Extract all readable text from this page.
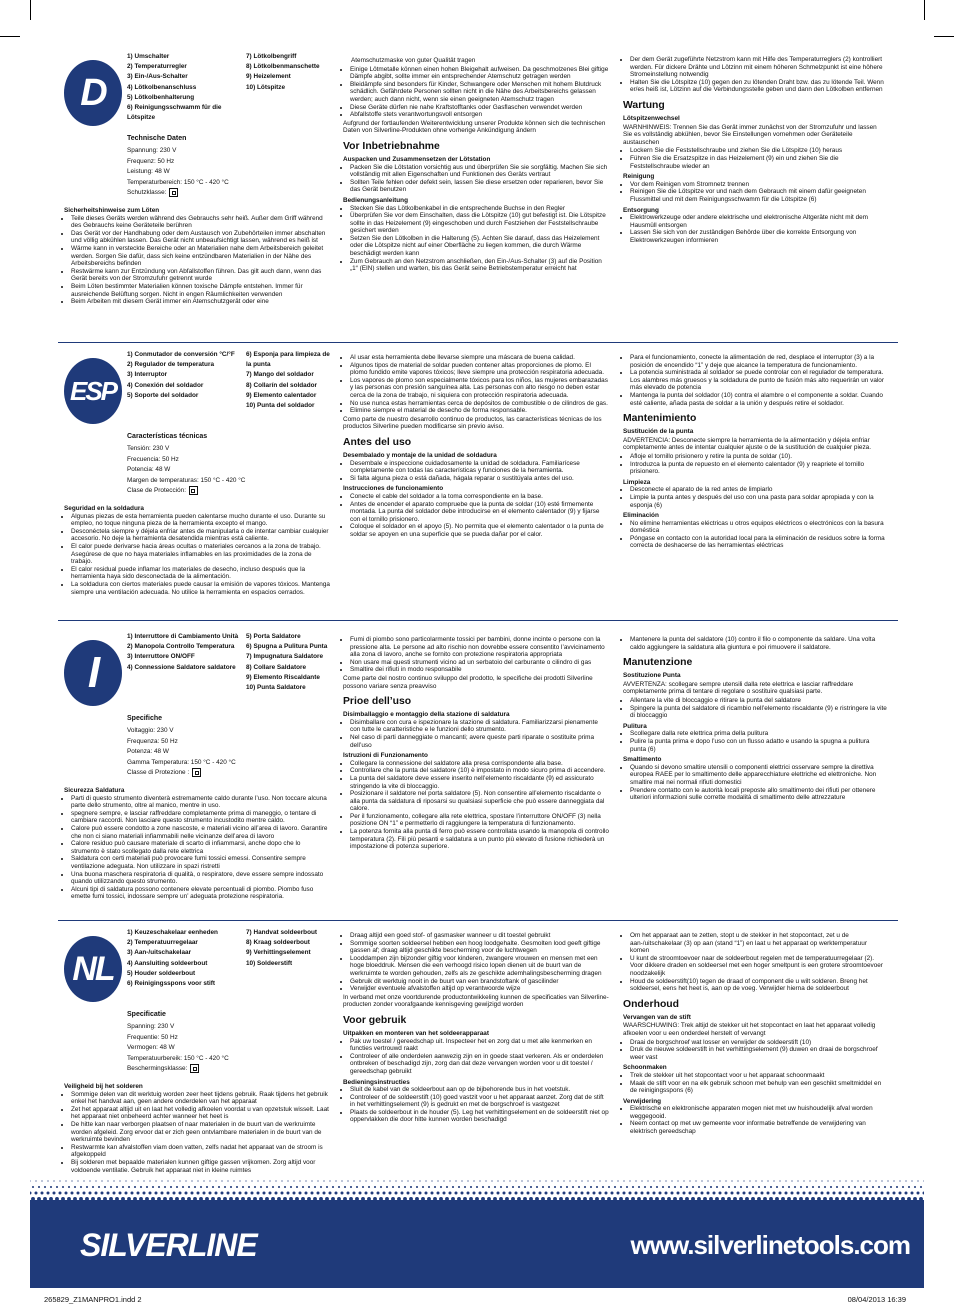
D
1) Umschalter
2) Temperaturregler
3) Ein-/Aus-Schalter
4) Lötkolbenanschluss
5) Lötkolbenhalterung
6) Reinigungsschwamm für die Lötspitze
7) Lötkolbengriff
8) Lötkolbenmanschette
9) Heizelement
10) Lötspitze
Technische Daten
Spannung: 230 V
Frequenz: 50 Hz
Leistung: 48 W
Temperaturbereich: 150 °C - 420 °C
Schutzklasse:
Sicherheitshinweise zum Löten
• Teile dieses Geräts werden während des Gebrauchs sehr heiß. Außer dem Griff während des Gebrauchs keine Geräteteile berühren
• Das Gerät vor der Handhabung oder dem Austausch von Zubehörteilen immer abschalten und völlig abkühlen lassen. Das Gerät nicht unbeaufsichtigt lassen, während es heiß ist
• Wärme kann in versteckte Bereiche oder an Materialien nahe dem Arbeitsbereich geleitet werden. Sorgen Sie dafür, dass sich keine entzündbaren Materialien in der Nähe des Arbeitsbereichs befinden
• Restwärme kann zur Entzündung von Abfallstoffen führen. Das gilt auch dann, wenn das Gerät bereits von der Stromzufuhr getrennt wurde
• Beim Löten bestimmter Materialien können toxische Dämpfe entstehen. Immer für ausreichende Belüftung sorgen. Nicht in engen Räumlichkeiten verwenden
• Beim Arbeiten mit diesem Gerät immer ein Atemschutzgerät oder eine

Atemschutzmaske von guter Qualität tragen

• Einige Lötmetalle können einen hohen Bleigehalt aufweisen. Da geschmolzenes Blei giftige Dämpfe abgibt, sollte immer ein entsprechender Atemschutz getragen werden
• Bleidämpfe sind besonders für Kinder, Schwangere oder Menschen mit hohem Blutdruck schädlich. Gefährdete Personen sollten nicht in die Nähe des Arbeitsbereichs gelassen werden; auch dann nicht, wenn sie einen geeigneten Atemschutz tragen
• Diese Geräte dürfen nie nahe Kraftstofftanks oder Gasflaschen verwendet werden
• Abfallstoffe stets verantwortungsvoll entsorgen

Aufgrund der fortlaufenden Weiterentwicklung unserer Produkte können sich die technischen Daten von Silverline-Produkten ohne vorherige Ankündigung ändern

Vor Inbetriebnahme
Auspacken und Zusammensetzen der Lötstation
• Packen Sie die Lötstation vorsichtig aus und überprüfen Sie sie sorgfältig. Machen Sie sich vollständig mit allen Eigenschaften und Funktionen des Geräts vertraut
• Sollten Teile fehlen oder defekt sein, lassen Sie diese ersetzen oder reparieren, bevor Sie das Gerät benutzen
Bedienungsanleitung
• Stecken Sie das Lötkolbenkabel in die entsprechende Buchse in den Regler
• Überprüfen Sie vor dem Einschalten, dass die Lötspitze (10) gut befestigt ist. Die Lötspitze sollte in das Heizelement (9) eingeschoben und durch Festziehen der Feststellschraube gesichert werden
• Setzen Sie den Lötkolben in die Halterung (5). Achten Sie darauf, dass das Heizelement oder die Lötspitze nicht auf einer Oberfläche zu liegen kommen, die durch Wärme beschädigt werden kann
• Zum Gebrauch an den Netzstrom anschließen, den Ein-/Aus-Schalter (3) auf die Position „1“ (EIN) stellen und warten, bis das Gerät seine Betriebstemperatur erreicht hat
• Der dem Gerät zugeführte Netzstrom kann mit Hilfe des Temperaturreglers (2) kontrolliert werden. Für dickere Drähte und Lötzinn mit einem höheren Schmelzpunkt ist eine höhere Stromeinstellung notwendig
• Halten Sie die Lötspitze (10) gegen den zu lötenden Draht bzw. das zu lötende Teil. Wenn er/es heiß ist, Lötzinn auf die Verbindungsstelle geben und dann den Lötkolben entfernen
Wartung
Lötspitzenwechsel

WARNHINWEIS: Trennen Sie das Gerät immer zunächst von der Stromzufuhr und lassen Sie es vollständig abkühlen, bevor Sie Einstellungen vornehmen oder Geräteteile austauschen

• Lockern Sie die Feststellschraube und ziehen Sie die Lötspitze (10) heraus
• Führen Sie die Ersatzspitze in das Heizelement (9) ein und ziehen Sie die Feststellschraube wieder an
Reinigung
• Vor dem Reinigen vom Stromnetz trennen
• Reinigen Sie die Lötspitze vor und nach dem Gebrauch mit einem dafür geeigneten Flussmittel und mit dem Reinigungsschwamm für die Lötspitze (6)
Entsorgung
• Elektrowerkzeuge oder andere elektrische und elektronische Altgeräte nicht mit dem Hausmüll entsorgen
• Lassen Sie sich von der zuständigen Behörde über die korrekte Entsorgung von Elektrowerkzeugen informieren
ESP
1) Conmutador de conversión °C/°F
2) Regulador de temperatura
3) Interruptor
4) Conexión del soldador
5) Soporte del soldador
6) Esponja para limpieza de la punta
7) Mango del soldador
8) Collarín del soldador
9) Elemento calentador
10) Punta del soldador
Características técnicas
Tensión: 230 V
Frecuencia: 50 Hz
Potencia: 48 W
Margen de temperaturas: 150 °C - 420 °C
Clase de Protección:
Seguridad en la soldadura
• Algunas piezas de esta herramienta pueden calentarse mucho durante el uso. Durante su empleo, no toque ninguna pieza de la herramienta excepto el mango.
• Desconéctela siempre y déjela enfriar antes de manipularla o de intentar cambiar cualquier accesorio. No deje la herramienta desatendida mientras está caliente.
• El calor puede derivarse hacia áreas ocultas o materiales cercanos a la zona de trabajo. Asegúrese de que no haya materiales inflamables en las proximidades de la zona de trabajo.
• El calor residual puede inflamar los materiales de desecho, incluso después que la herramienta haya sido desconectada de la alimentación.
• La soldadura con ciertos materiales puede causar la emisión de vapores tóxicos. Mantenga siempre una ventilación adecuada. No utilice la herramienta en espacios cerrados.
• Al usar esta herramienta debe llevarse siempre una máscara de buena calidad.
• Algunos tipos de material de soldar pueden contener altas proporciones de plomo. El plomo fundido emite vapores tóxicos; lleve siempre una protección respiratoria adecuada.
• Los vapores de plomo son especialmente tóxicos para los niños, las mujeres embarazadas y las personas con presión sanguínea alta. Las personas con alto riesgo no deben estar cerca de la zona de trabajo, ni siquiera con protección respiratoria adecuada.
• No use nunca estas herramientas cerca de depósitos de combustible o de cilindros de gas.
• Elimine siempre el material de desecho de forma responsable.

Como parte de nuestro desarrollo continuo de productos, las características técnicas de los productos Silverline pueden modificarse sin previo aviso.

Antes del uso
Desembalado y montaje de la unidad de soldadura
• Desembale e inspeccione cuidadosamente la unidad de soldadura. Familiarícese completamente con todas las características y funciones de la herramienta.
• Si falta alguna pieza o está dañada, hágala reparar o sustitúyala antes del uso.
Instrucciones de funcionamiento
• Conecte el cable del soldador a la toma correspondiente en la base.
• Antes de encender el aparato compruebe que la punta de soldar (10) esté firmemente montada. La punta del soldador debe introducirse en el elemento calentador (9) y fijarse con el tornillo prisionero.
• Coloque el soldador en el apoyo (5). No permita que el elemento calentador o la punta de soldar se apoyen en una superficie que se pueda dañar por el calor.
• Para el funcionamiento, conecte la alimentación de red, desplace el interruptor (3) a la posición de encendido “1” y deje que alcance la temperatura de funcionamiento.
• La potencia suministrada al soldador se puede controlar con el regulador de temperatura. Los alambres más gruesos y la soldadura de punto de fusión más alto requerirán un valor más elevado de potencia
• Mantenga la punta del soldador (10) contra el alambre o el componente a soldar. Cuando esté caliente, añada pasta de soldar a la unión y después retire el soldador.
Mantenimiento
Sustitución de la punta

ADVERTENCIA: Desconecte siempre la herramienta de la alimentación y déjela enfriar completamente antes de intentar cualquier ajuste o de la sustitución de cualquier pieza.

• Afloje el tornillo prisionero y retire la punta de soldar (10).
• Introduzca la punta de repuesto en el elemento calentador (9) y reapriete el tornillo prisionero.
Limpieza
• Desconecte el aparato de la red antes de limpiarlo
• Limpie la punta antes y después del uso con una pasta para soldar apropiada y con la esponja (6)
Eliminación
• No elimine herramientas eléctricas u otros equipos eléctricos o electrónicos con la basura doméstica
• Póngase en contacto con la autoridad local para la eliminación de residuos sobre la forma correcta de deshacerse de las herramientas eléctricas
I
1) Interruttore di Cambiamento Unità
2) Manopola Controllo Temperatura
3) Interruttore ON/OFF
4) Connessione Saldatore saldatore
5) Porta Saldatore
6) Spugna a Pulitura Punta
7) Impugnatura Saldatore
8) Collare Saldatore
9) Elemento Riscaldante
10) Punta Saldatore
Specifiche
Voltaggio: 230 V
Frequenza: 50 Hz
Potenza: 48 W
Gamma Temperatura: 150 °C - 420 °C
Classe di Protezione :
Sicurezza Saldatura
• Parti di questo strumento diventerà estremamente caldo durante l’uso. Non toccare alcuna parte dello strumento, oltre al manico, mentre in uso.
• spegnere sempre, e lasciar raffreddare completamente prima di maneggio, o tentare di cambiare raccordi. Non lasciare questo strumento incustodito mentre caldo.
• Calore può essere condotto a zone nascoste, e materiali vicino all’area di lavoro. Garantire che non ci siano materiali infiammabili nelle vicinanze dell’area di lavoro
• Calore residuo può causare materiale di scarto di infiammarsi, anche dopo che lo strumento è stato scollegato dalla rete elettrica
• Saldatura con certi materiali può provocare fumi tossici emessi. Consentire sempre ventilazione adeguata. Non utilizzare in spazi ristretti
• Una buona maschera respiratoria di qualità, o respiratore, deve essere sempre indossato quando utilizzando questo strumento.
• Alcuni tipi di saldatura possono contenere elevate percentuali di piombo. Piombo fuso emette fumi tossici, indossare sempre un’ adeguata protezione respiratoria.
• Fumi di piombo sono particolarmente tossici per bambini, donne incinte o persone con la pressione alta. Le persone ad alto rischio non dovrebbe essere consentito l’avvicinamento alla zona di lavoro, anche se fornito con protezione respiratoria appropriata
• Non usare mai questi strumenti vicino ad un serbatoio del carburante o cilindro di gas
• Smaltire dei rifiuti in modo responsabile

Come parte del nostro continuo sviluppo del prodotto, le specifiche dei prodotti Silverline possono variare senza preavviso

Prioe dell’uso
Disimballaggio e montaggio della stazione di saldatura
• Disimballare con cura e ispezionare la stazione di saldatura. Familiarizzarsi pienamente con tutte le caratteristiche e le funzioni dello strumento.
• Nel caso di parti danneggiate o mancanti; avere queste parti riparate o sostituite prima dell’uso
Istruzioni di Funzionamento
• Collegare la connessione del saldatore alla presa corrispondente alla base.
• Controllare che la punta del saldatore (10) è impostato in modo sicuro prima di accendere.
• La punta del saldatore deve essere inserito nell’elemento riscaldante (9) ed assicurato stringendo la vite di bloccaggio.
• Posizionare il saldatore nel porta saldatore (5). Non consentire all’elemento riscaldante o alla punta da saldatura di riposarsi su qualsiasi superficie che può essere danneggiata dal calore.
• Per il funzionamento, collegare alla rete elettrica, spostare l’interruttore ON/OFF (3) nella posizione ON “1” e permetterlo di raggiungere la temperatura di funzionamento.
• La potenza fornita alla punta di ferro può essere controllata usando la manopola di controllo temperatura (2). Fili più pesanti e saldatura a un punto più elevato di fusione richiederà un impostazione di potenza superiore.
• Mantenere la punta del saldatore (10) contro il filo o componente da saldare. Una volta caldo aggiungere la saldatura alla giuntura e poi rimuovere il saldatore.
Manutenzione
Sostituzione Punta

AVVERTENZA: scollegare sempre utensili dalla rete elettrica e lasciar raffreddare completamente prima di tentare di regolare o sostituire qualsiasi parte.

• Allentare la vite di bloccaggio e ritirare la punta del saldatore
• Spingere la punta del saldatore di ricambio nell’elemento riscaldante (9) e ristringere la vite di bloccaggio
Pulitura
• Scollegare dalla rete elettrica prima della pulitura
• Pulire la punta prima e dopo l’uso con un flusso adatto e usando la spugna a pulitura punta (6)
Smaltimento
• Quando si devono smaltire utensili o componenti elettrici osservare sempre la direttiva europea RAEE per lo smaltimento delle apparecchiature elettriche ed elettroniche. Non smaltire mai nei normali rifiuti domestici
• Prendere contatto con le autorità locali preposte allo smaltimento dei rifiuti per ottenere ulteriori informazioni sulle corrette modalità di smaltimento delle attrezzature
NL
1) Keuzeschakelaar eenheden
2) Temperatuurregelaar
3) Aan-/uitschakelaar
4) Aansluiting soldeerbout
5) Houder soldeerbout
6) Reinigingsspons voor stift
7) Handvat soldeerbout
8) Kraag soldeerbout
9) Verhittingselement
10) Soldeerstift
Specificatie
Spanning: 230 V
Frequentie: 50 Hz
Vermogen: 48 W
Temperatuurbereik: 150 °C - 420 °C
Beschermingsklasse:
Veiligheid bij het solderen
• Sommige delen van dit werktuig worden zeer heet tijdens gebruik. Raak tijdens het gebruik enkel het handvat aan, geen andere onderdelen van het apparaat
• Zet het apparaat altijd uit en laat het volledig afkoelen voordat u van opzetstuk wisselt. Laat het apparaat niet onbeheerd achter wanneer het heet is
• De hitte kan naar verborgen plaatsen of naar materialen in de buurt van de werkruimte worden afgeleid. Zorg ervoor dat er zich geen ontvlambare materialen in de buurt van de werkruimte bevinden
• Restwarmte kan afvalstoffen viam doen vatten, zelfs nadat het apparaat van de stroom is afgekoppeld
• Bij solderen met bepaalde materialen kunnen giftige gassen vrijkomen. Zorg altijd voor voldoende ventilatie. Gebruik het apparaat niet in kleine ruimtes
• Draag altijd een goed stof- of gasmasker wanneer u dit toestel gebruikt
• Sommige soorten soldeersel hebben een hoog loodgehalte. Gesmolten lood geeft giftige gassen af; draag altijd geschikte bescherming voor de luchtwegen
• Looddampen zijn bijzonder giftig voor kinderen, zwangere vrouwen en mensen met een hoge bloeddruk. Mensen die een verhoogd risico lopen dienen uit de buurt van de werkruimte te worden gehouden, zelfs als ze geschikte ademhalingsbescherming dragen
• Gebruik dit werktuig nooit in de buurt van een brandstoftank of gascilinder
• Verwijder eventuele afvalstoffen altijd op verantwoorde wijze

In verband met onze voortdurende productontwikkeling kunnen de specificaties van Silverline-producten zonder voorafgaande kennisgeving gewijzigd worden

Voor gebruik
Uitpakken en monteren van het soldeerapparaat
• Pak uw toestel / gereedschap uit. Inspecteer het en zorg dat u met alle kenmerken en functies vertrouwd raakt
• Controleer of alle onderdelen aanwezig zijn en in goede staat verkeren. Als er onderdelen ontbreken of beschadigd zijn, zorg dan dat deze vervangen worden voor u dit toestel / gereedschap gebruikt
Bedieningsinstructies
• Sluit de kabel van de soldeerbout aan op de bijbehorende bus in het voetstuk.
• Controleer of de soldeerstift (10) goed vastzit voor u het apparaat aanzet. Zorg dat de stift in het verhittingselement (9) is gedrukt en met de borgschroef is vastgezet
• Plaats de soldeerbout in de houder (5). Leg het verhittingselement en de soldeerstift niet op oppervlakken die door hitte kunnen worden beschadigd
• Om het apparaat aan te zetten, stopt u de stekker in het stopcontact, zet u de aan-/uitschakelaar (3) op aan (stand “1”) en laat u het apparaat op werktemperatuur komen
• U kunt de stroomtoevoer naar de soldeerbout regelen met de temperatuurregelaar (2). Voor dikkere draden en soldeersel met een hoger smeltpunt is een grotere stroomtoevoer noodzakelijk
• Houd de soldeerstift(10) tegen de draad of component die u wilt solderen. Breng het soldeersel, eens het heet is, aan op de voeg. Verwijder hierna de soldeerbout
Onderhoud
Vervangen van de stift

WAARSCHUWING: Trek altijd de stekker uit het stopcontact en laat het apparaat volledig afkoelen voor u een onderdeel herstelt of vervangt

• Draai de borgschroef wat losser en verwijder de soldeerstift (10)
• Druk de nieuwe soldeerstift in het verhittingselement (9) duwen en draai de borgschroef weer vast
Schoonmaken
• Trek de stekker uit het stopcontact voor u het apparaat schoonmaakt
• Maak de stift voor en na elk gebruik schoon met behulp van een geschikt smeltmiddel en de reinigingsspons (6)
Verwijdering
• Elektrische en elektronische apparaten mogen niet met uw huishoudelijk afval worden weggegooid.
• Neem contact op met uw gemeente voor informatie betreffende de verwijdering van elektrisch gereedschap
SILVERLINE	www.silverlinetools.com
265829_Z1MANPRO1.indd 2	08/04/2013 16:39
